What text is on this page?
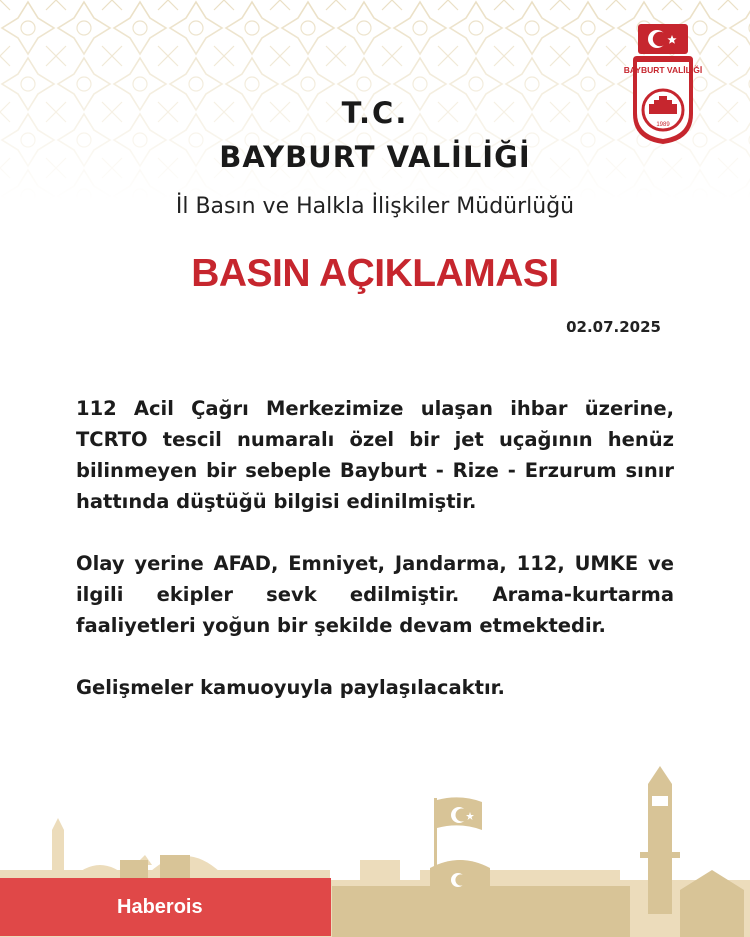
BAYBURT VALİLİĞİ
1989
T.C.
BAYBURT VALİLİĞİ
İl Basın ve Halkla İlişkiler Müdürlüğü
BASIN AÇIKLAMASI
02.07.2025

112 Acil Çağrı Merkezimize ulaşan ihbar üzerine, TCRTO tescil numaralı özel bir jet uçağının henüz bilinmeyen bir sebeple Bayburt - Rize - Erzurum sınır hattında düştüğü bilgisi edinilmiştir.

Olay yerine AFAD, Emniyet, Jandarma, 112, UMKE ve ilgili ekipler sevk edilmiştir. Arama-kurtarma faaliyetleri yoğun bir şekilde devam etmektedir.

Gelişmeler kamuoyuyla paylaşılacaktır.

Haberois
